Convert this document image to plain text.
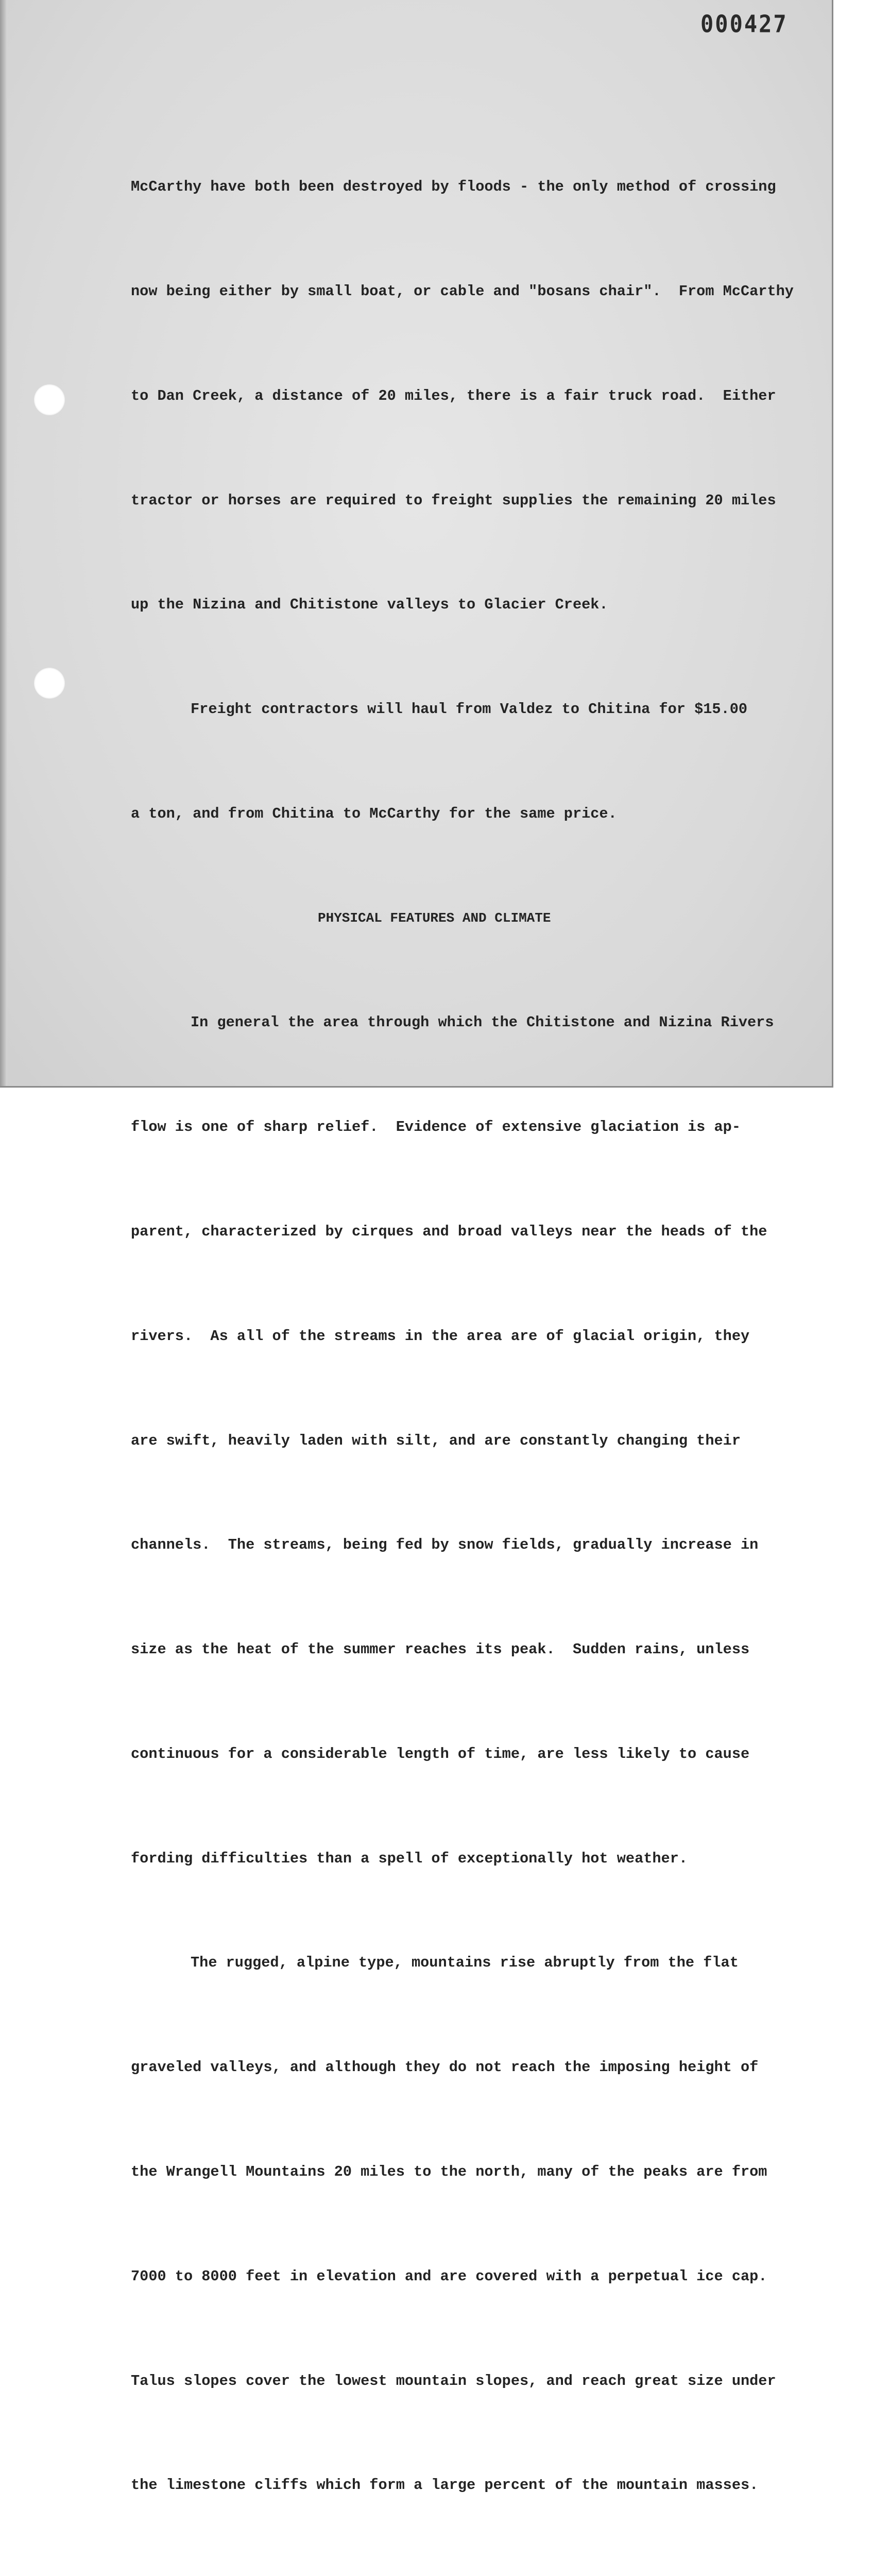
000427

McCarthy have both been destroyed by floods - the only method of crossing

now being either by small boat, or cable and "bosans chair".  From McCarthy

to Dan Creek, a distance of 20 miles, there is a fair truck road.  Either

tractor or horses are required to freight supplies the remaining 20 miles

up the Nizina and Chitistone valleys to Glacier Creek.

Freight contractors will haul from Valdez to Chitina for $15.00

a ton, and from Chitina to McCarthy for the same price.

PHYSICAL FEATURES AND CLIMATE

In general the area through which the Chitistone and Nizina Rivers

flow is one of sharp relief.  Evidence of extensive glaciation is ap-

parent, characterized by cirques and broad valleys near the heads of the

rivers.  As all of the streams in the area are of glacial origin, they

are swift, heavily laden with silt, and are constantly changing their

channels.  The streams, being fed by snow fields, gradually increase in

size as the heat of the summer reaches its peak.  Sudden rains, unless

continuous for a considerable length of time, are less likely to cause

fording difficulties than a spell of exceptionally hot weather.

The rugged, alpine type, mountains rise abruptly from the flat

graveled valleys, and although they do not reach the imposing height of

the Wrangell Mountains 20 miles to the north, many of the peaks are from

7000 to 8000 feet in elevation and are covered with a perpetual ice cap.

Talus slopes cover the lowest mountain slopes, and reach great size under

the limestone cliffs which form a large percent of the mountain masses.
